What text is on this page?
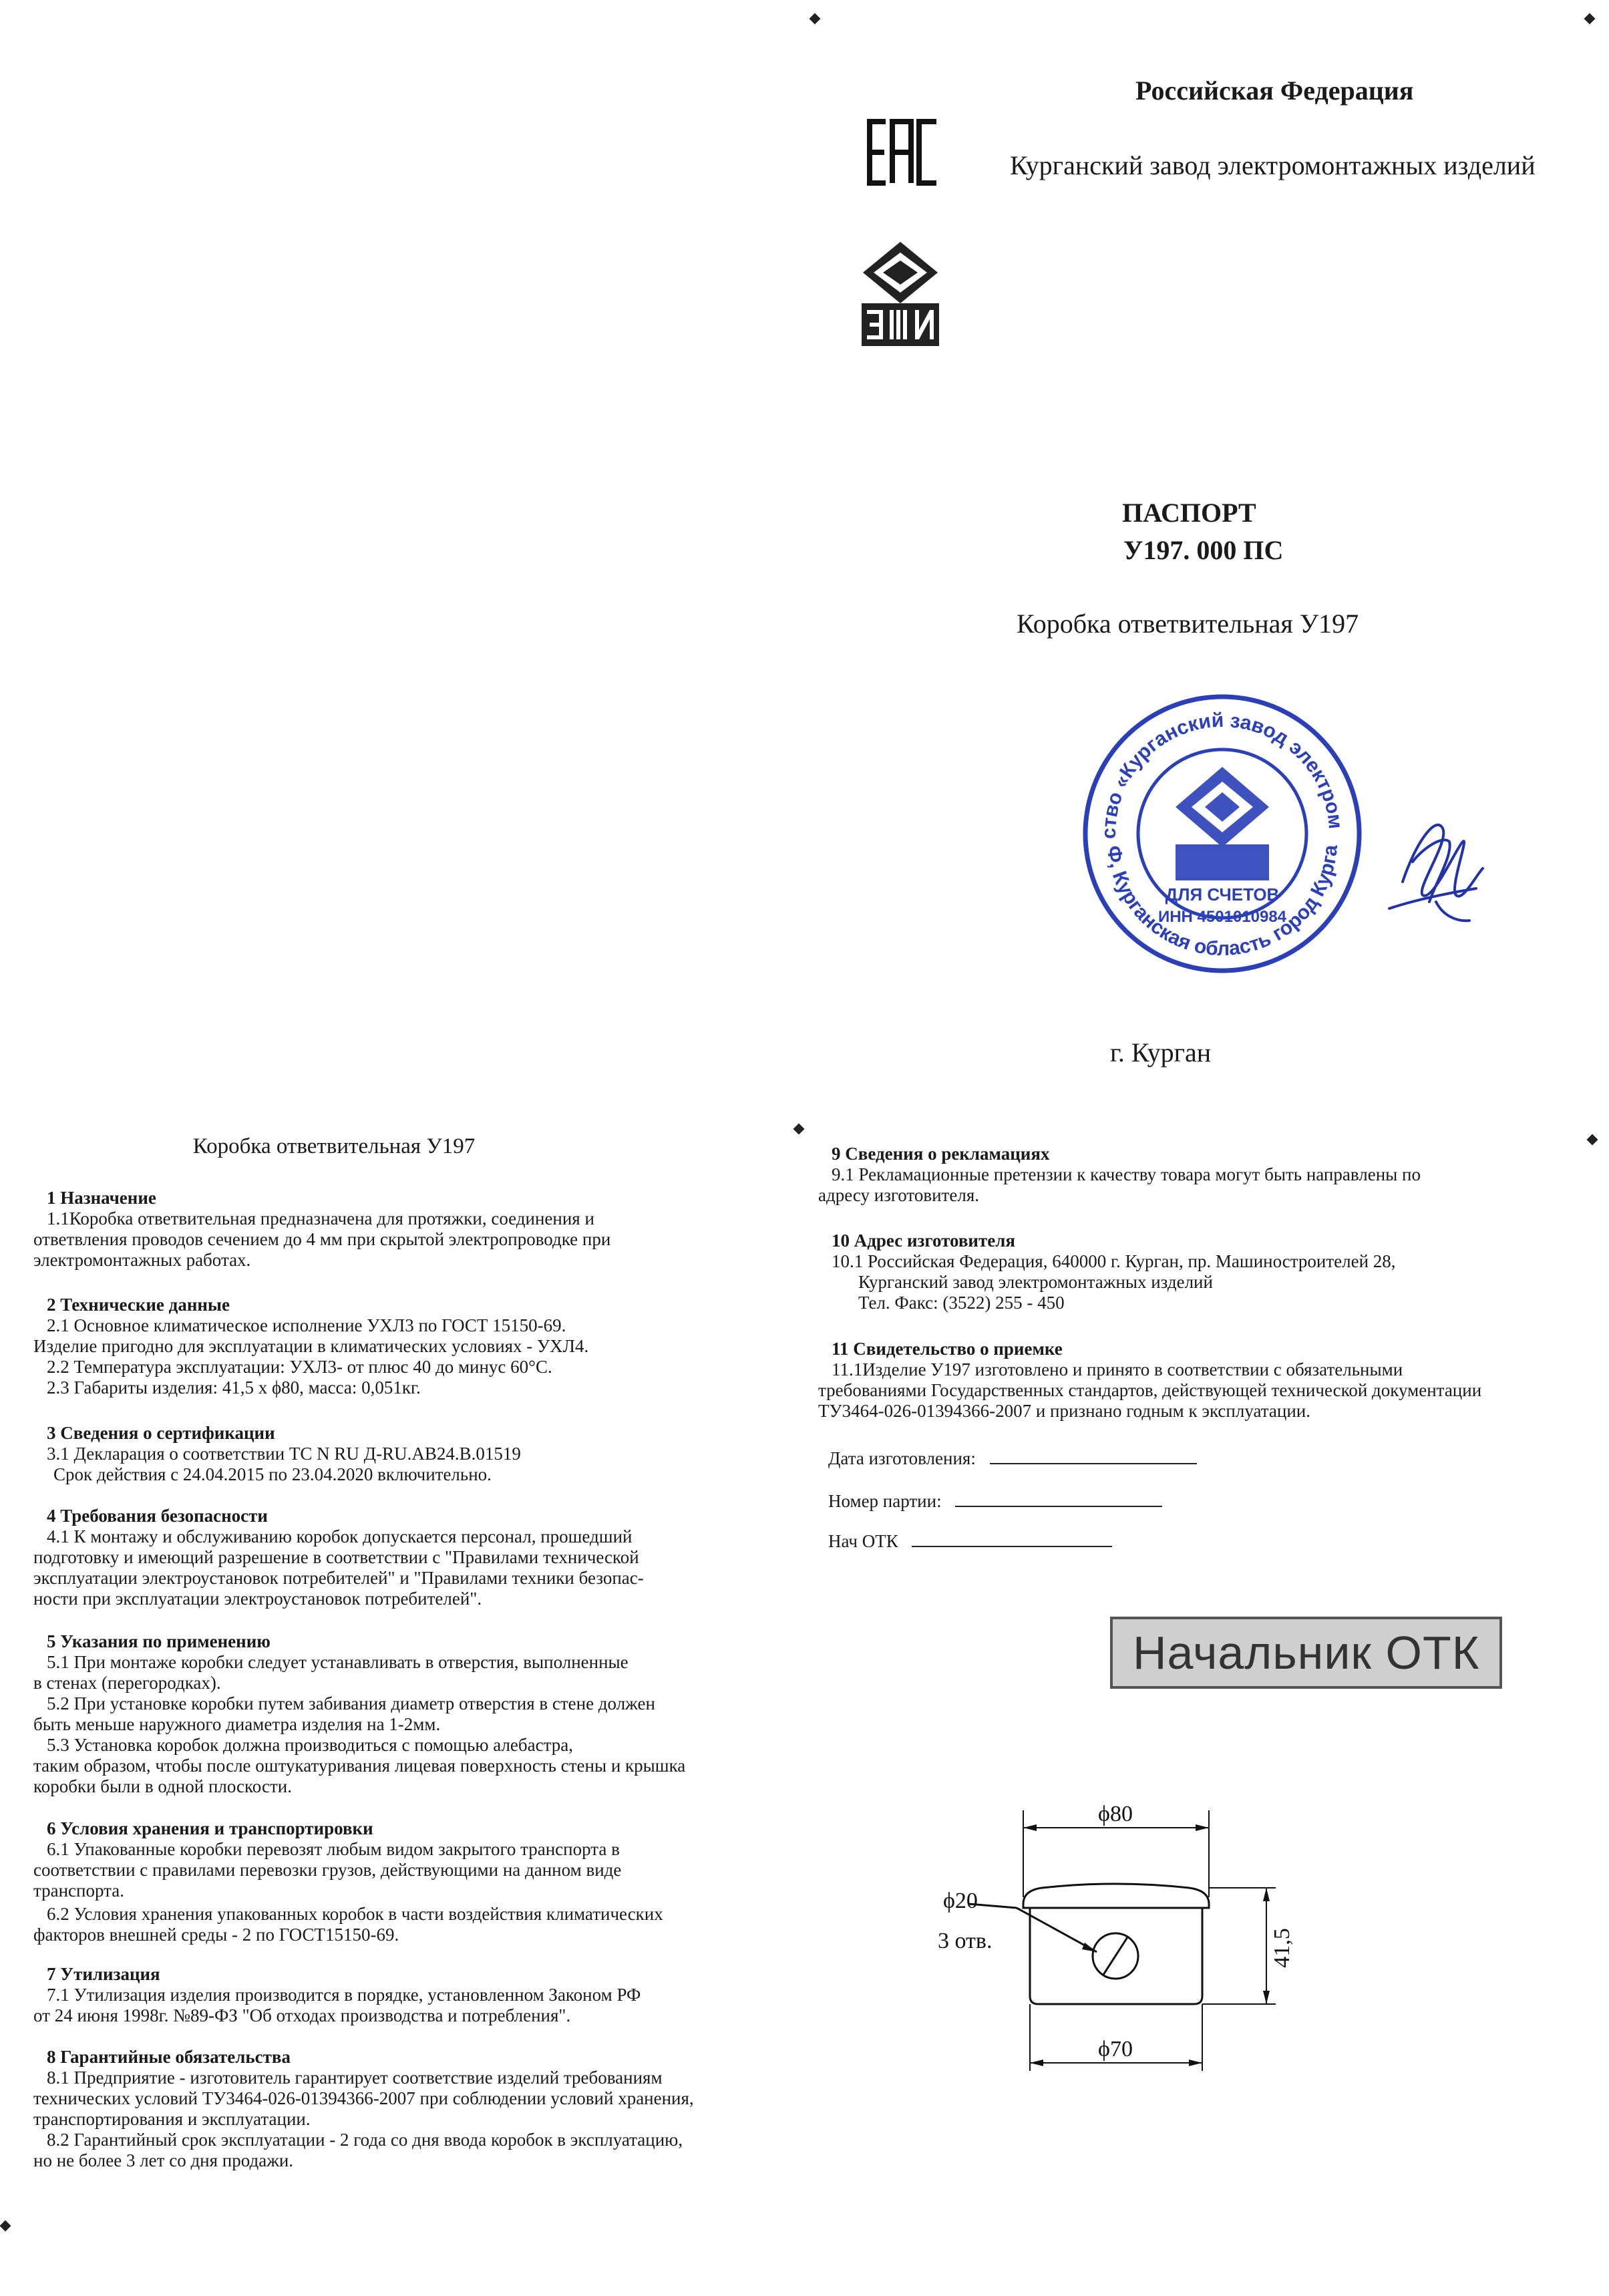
Российская Федерация
Курганский завод электромонтажных изделий
ПАСПОРТ
У197. 000 ПС
Коробка ответвительная У197
ство «Курганский завод электром
Ф, Курганская область город Курга
ДЛЯ СЧЕТОВ
ИНН 4501010984
г. Курган
Коробка ответвительная У197
1 Назначение

1.1Коробка ответвительная предназначена для протяжки, соединения и

ответвления проводов сечением до 4 мм при скрытой электропроводке при

электромонтажных работах.

2 Технические данные

2.1 Основное климатическое исполнение УХЛ3 по ГОСТ 15150-69.

Изделие пригодно для эксплуатации в климатических условиях - УХЛ4.

2.2 Температура эксплуатации: УХЛ3- от плюс 40 до минус 60°С.

2.3 Габариты изделия: 41,5 х ϕ80, масса: 0,051кг.

3 Сведения о сертификации

3.1 Декларация о соответствии ТС N RU Д-RU.АВ24.В.01519

Срок действия с 24.04.2015 по 23.04.2020 включительно.

4 Требования безопасности

4.1 К монтажу и обслуживанию коробок допускается персонал, прошедший

подготовку и имеющий разрешение в соответствии с "Правилами технической

эксплуатации электроустановок потребителей" и "Правилами техники безопас-

ности при эксплуатации электроустановок потребителей".

5 Указания по применению

5.1 При монтаже коробки следует устанавливать в отверстия, выполненные

в стенах (перегородках).

5.2 При установке коробки путем забивания диаметр отверстия в стене должен

быть меньше наружного диаметра изделия на 1-2мм.

5.3 Установка коробок должна производиться с помощью алебастра,

таким образом, чтобы после оштукатуривания лицевая поверхность стены и крышка

коробки были в одной плоскости.

6 Условия хранения и транспортировки

6.1 Упакованные коробки перевозят любым видом закрытого транспорта в

соответствии с правилами перевозки грузов, действующими на данном виде

транспорта.

6.2 Условия хранения упакованных коробок в части воздействия климатических

факторов внешней среды - 2 по ГОСТ15150-69.

7 Утилизация

7.1 Утилизация изделия производится в порядке, установленном Законом РФ

от 24 июня 1998г. №89-ФЗ "Об отходах производства и потребления".

8 Гарантийные обязательства

8.1 Предприятие - изготовитель гарантирует соответствие изделий требованиям

технических условий ТУ3464-026-01394366-2007 при соблюдении условий хранения,

транспортирования и эксплуатации.

8.2 Гарантийный срок эксплуатации - 2 года со дня ввода коробок в эксплуатацию,

но не более 3 лет со дня продажи.

9 Сведения о рекламациях

9.1 Рекламационные претензии к качеству товара могут быть направлены по

адресу изготовителя.

10 Адрес изготовителя

10.1 Российская Федерация, 640000 г. Курган, пр. Машиностроителей 28,

Курганский завод электромонтажных изделий

Тел. Факс: (3522) 255 - 450

11 Свидетельство о приемке

11.1Изделие У197 изготовлено и принято в соответствии с обязательными

требованиями Государственных стандартов, действующей технической документации

ТУ3464-026-01394366-2007 и признано годным к эксплуатации.

Дата изготовления:
Номер партии:
Нач ОТК
Начальник ОТК
ϕ80
ϕ20
3 отв.
ϕ70
41,5
